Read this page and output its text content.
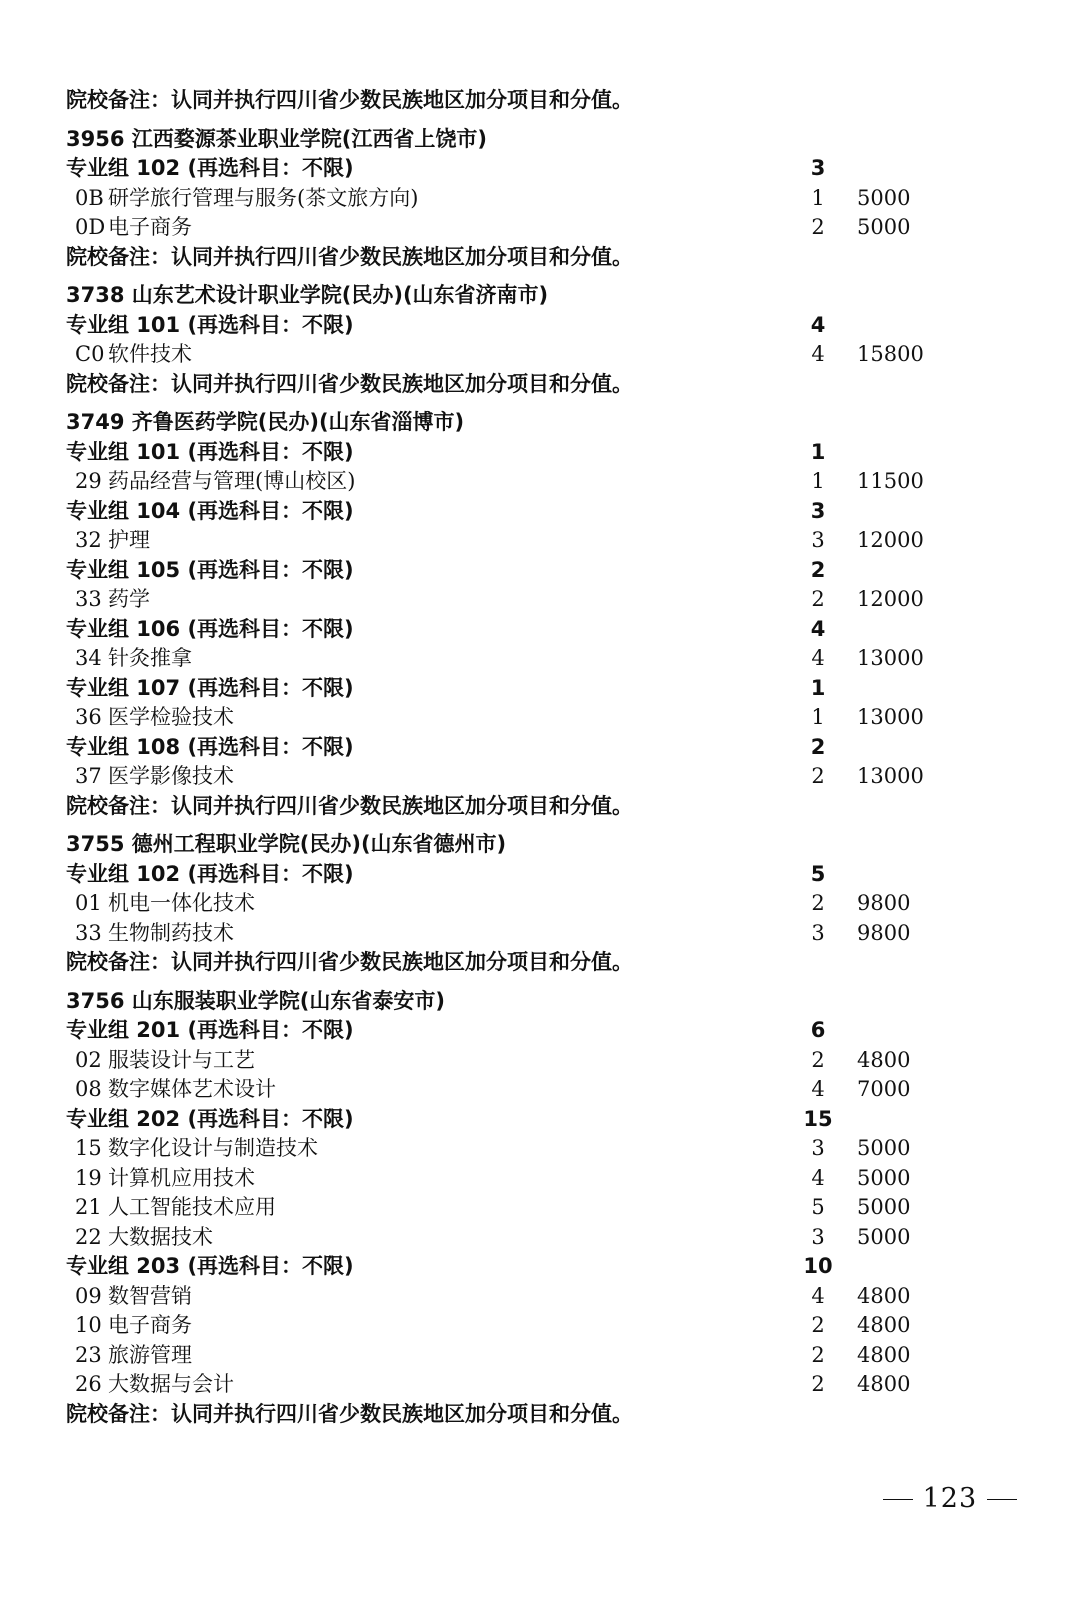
院校备注：认同并执行四川省少数民族地区加分项目和分值。
3956 江西婺源茶业职业学院(江西省上饶市)
专业组 102 (再选科目：不限)	3
0B 研学旅行管理与服务(茶文旅方向)	1	5000
0D 电子商务	2	5000
院校备注：认同并执行四川省少数民族地区加分项目和分值。
3738 山东艺术设计职业学院(民办)(山东省济南市)
专业组 101 (再选科目：不限)	4
C0 软件技术	4	15800
院校备注：认同并执行四川省少数民族地区加分项目和分值。
3749 齐鲁医药学院(民办)(山东省淄博市)
专业组 101 (再选科目：不限)	1
29 药品经营与管理(博山校区)	1	11500
专业组 104 (再选科目：不限)	3
32 护理	3	12000
专业组 105 (再选科目：不限)	2
33 药学	2	12000
专业组 106 (再选科目：不限)	4
34 针灸推拿	4	13000
专业组 107 (再选科目：不限)	1
36 医学检验技术	1	13000
专业组 108 (再选科目：不限)	2
37 医学影像技术	2	13000
院校备注：认同并执行四川省少数民族地区加分项目和分值。
3755 德州工程职业学院(民办)(山东省德州市)
专业组 102 (再选科目：不限)	5
01 机电一体化技术	2	9800
33 生物制药技术	3	9800
院校备注：认同并执行四川省少数民族地区加分项目和分值。
3756 山东服装职业学院(山东省泰安市)
专业组 201 (再选科目：不限)	6
02 服装设计与工艺	2	4800
08 数字媒体艺术设计	4	7000
专业组 202 (再选科目：不限)	15
15 数字化设计与制造技术	3	5000
19 计算机应用技术	4	5000
21 人工智能技术应用	5	5000
22 大数据技术	3	5000
专业组 203 (再选科目：不限)	10
09 数智营销	4	4800
10 电子商务	2	4800
23 旅游管理	2	4800
26 大数据与会计	2	4800
院校备注：认同并执行四川省少数民族地区加分项目和分值。
123
